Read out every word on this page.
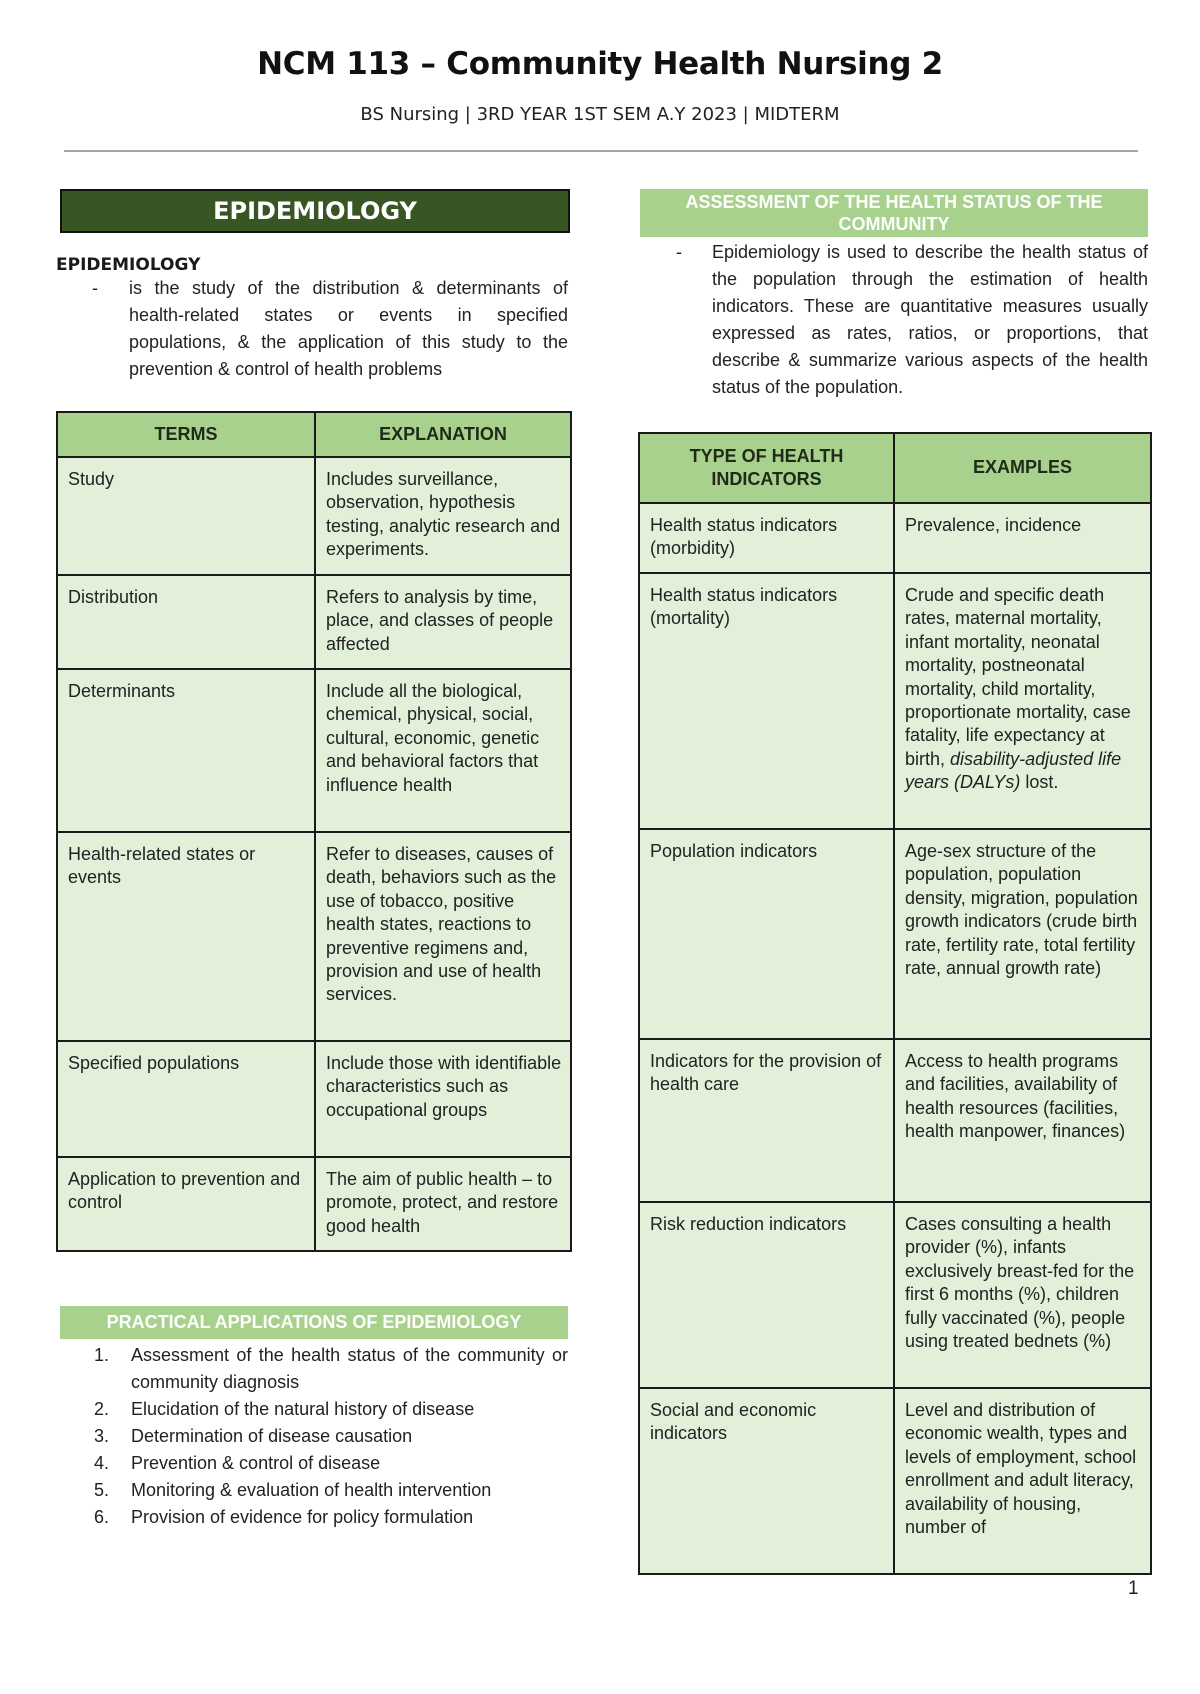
NCM 113 – Community Health Nursing 2
BS Nursing | 3RD YEAR 1ST SEM A.Y 2023 | MIDTERM
EPIDEMIOLOGY
EPIDEMIOLOGY
- is the study of the distribution & determinants of health-related states or events in specified populations, & the application of this study to the prevention & control of health problems
TERMS	EXPLANATION
Study	Includes surveillance, observation, hypothesis testing, analytic research and experiments.
Distribution	Refers to analysis by time, place, and classes of people affected
Determinants	Include all the biological, chemical, physical, social, cultural, economic, genetic and behavioral factors that influence health
Health-related states or events	Refer to diseases, causes of death, behaviors such as the use of tobacco, positive health states, reactions to preventive regimens and, provision and use of health services.
Specified populations	Include those with identifiable characteristics such as occupational groups
Application to prevention and control	The aim of public health – to promote, protect, and restore good health
PRACTICAL APPLICATIONS OF EPIDEMIOLOGY
1.	Assessment of the health status of the community or community diagnosis
2.	Elucidation of the natural history of disease
3.	Determination of disease causation
4.	Prevention & control of disease
5.	Monitoring & evaluation of health intervention
6.	Provision of evidence for policy formulation
ASSESSMENT OF THE HEALTH STATUS OF THE COMMUNITY
- Epidemiology is used to describe the health status of the population through the estimation of health indicators. These are quantitative measures usually expressed as rates, ratios, or proportions, that describe & summarize various aspects of the health status of the population.
TYPE OF HEALTH INDICATORS	EXAMPLES
Health status indicators (morbidity)	Prevalence, incidence
Health status indicators (mortality)	Crude and specific death rates, maternal mortality, infant mortality, neonatal mortality, postneonatal mortality, child mortality, proportionate mortality, case fatality, life expectancy at birth, disability-adjusted life years (DALYs) lost.
Population indicators	Age-sex structure of the population, population density, migration, population growth indicators (crude birth rate, fertility rate, total fertility rate, annual growth rate)
Indicators for the provision of health care	Access to health programs and facilities, availability of health resources (facilities, health manpower, finances)
Risk reduction indicators	Cases consulting a health provider (%), infants exclusively breast-fed for the first 6 months (%), children fully vaccinated (%), people using treated bednets (%)
Social and economic indicators	Level and distribution of economic wealth, types and levels of employment, school enrollment and adult literacy, availability of housing, number of
1
